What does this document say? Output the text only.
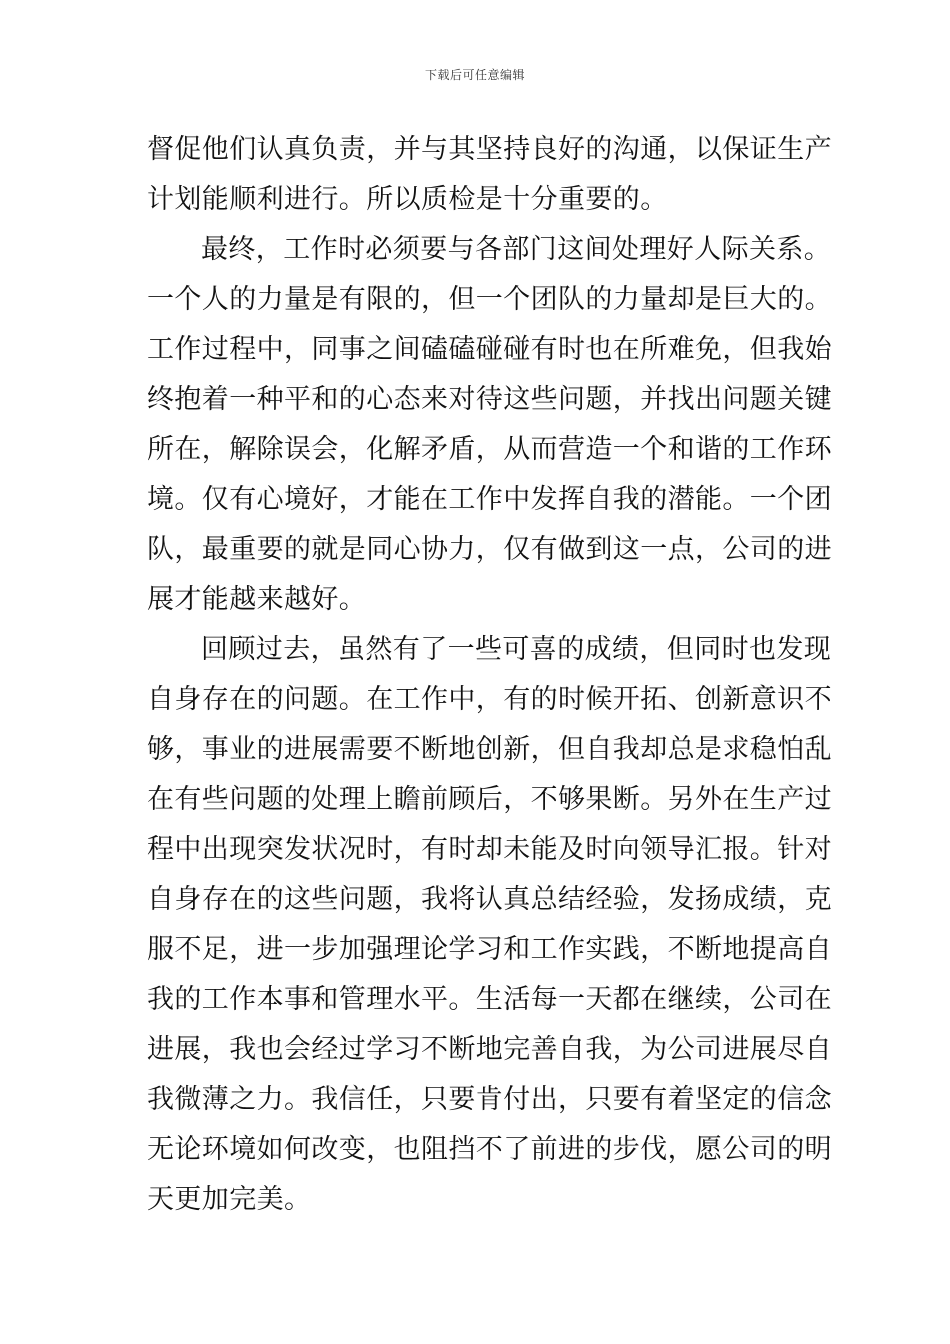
下载后可任意编辑
督促他们认真负责，并与其坚持良好的沟通，以保证生产
计划能顺利进行。所以质检是十分重要的。
最终，工作时必须要与各部门这间处理好人际关系。
一个人的力量是有限的，但一个团队的力量却是巨大的。
工作过程中，同事之间磕磕碰碰有时也在所难免，但我始
终抱着一种平和的心态来对待这些问题，并找出问题关键
所在，解除误会，化解矛盾，从而营造一个和谐的工作环
境。仅有心境好，才能在工作中发挥自我的潜能。一个团
队，最重要的就是同心协力，仅有做到这一点，公司的进
展才能越来越好。
回顾过去，虽然有了一些可喜的成绩，但同时也发现
自身存在的问题。在工作中，有的时候开拓、创新意识不
够，事业的进展需要不断地创新，但自我却总是求稳怕乱
在有些问题的处理上瞻前顾后，不够果断。另外在生产过
程中出现突发状况时，有时却未能及时向领导汇报。针对
自身存在的这些问题，我将认真总结经验，发扬成绩，克
服不足，进一步加强理论学习和工作实践，不断地提高自
我的工作本事和管理水平。生活每一天都在继续，公司在
进展，我也会经过学习不断地完善自我，为公司进展尽自
我微薄之力。我信任，只要肯付出，只要有着坚定的信念
无论环境如何改变，也阻挡不了前进的步伐，愿公司的明
天更加完美。
